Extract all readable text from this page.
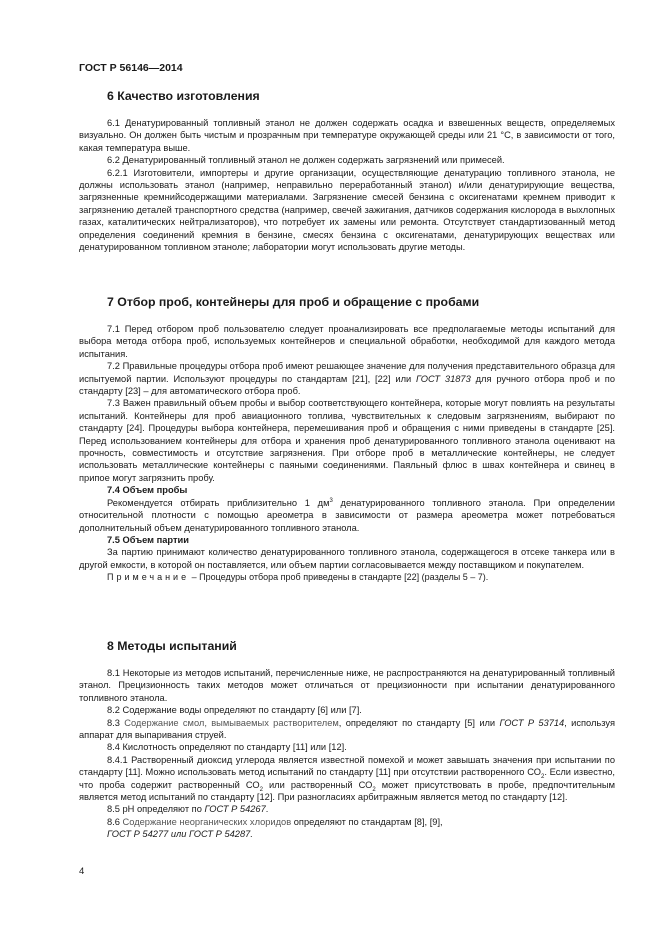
ГОСТ Р 56146—2014
6 Качество изготовления

6.1 Денатурированный топливный этанол не должен содержать осадка и взвешенных веществ, определяемых визуально. Он должен быть чистым и прозрачным при температуре окружающей среды или 21 °С, в зависимости от того, какая температура выше.

6.2 Денатурированный топливный этанол не должен содержать загрязнений или примесей.

6.2.1 Изготовители, импортеры и другие организации, осуществляющие денатурацию топливного этанола, не должны использовать этанол (например, неправильно переработанный этанол) и/или денатурирующие вещества, загрязненные кремнийсодержащими материалами. Загрязнение смесей бензина с оксигенатами кремнем приводит к загрязнению деталей транспортного средства (например, свечей зажигания, датчиков содержания кислорода в выхлопных газах, каталитических нейтрализаторов), что потребует их замены или ремонта. Отсутствует стандартизованный метод определения соединений кремния в бензине, смесях бензина с оксигенатами, денатурирующих веществах или денатурированном топливном этаноле; лаборатории могут использовать другие методы.

7 Отбор проб, контейнеры для проб и обращение с пробами

7.1 Перед отбором проб пользователю следует проанализировать все предполагаемые методы испытаний для выбора метода отбора проб, используемых контейнеров и специальной обработки, необходимой для каждого метода испытания.

7.2 Правильные процедуры отбора проб имеют решающее значение для получения представительного образца для испытуемой партии. Используют процедуры по стандартам [21], [22] или ГОСТ 31873 для ручного отбора проб и по стандарту [23] – для автоматического отбора проб.

7.3 Важен правильный объем пробы и выбор соответствующего контейнера, которые могут повлиять на результаты испытаний. Контейнеры для проб авиационного топлива, чувствительных к следовым загрязнениям, выбирают по стандарту [24]. Процедуры выбора контейнера, перемешивания проб и обращения с ними приведены в стандарте [25]. Перед использованием контейнеры для отбора и хранения проб денатурированного топливного этанола оценивают на прочность, совместимость и отсутствие загрязнения. При отборе проб в металлические контейнеры, не следует использовать металлические контейнеры с паяными соединениями. Паяльный флюс в швах контейнера и свинец в припое могут загрязнить пробу.

7.4 Объем пробы

Рекомендуется отбирать приблизительно 1 $дм^3$ денатурированного топливного этанола. При определении относительной плотности с помощью ареометра в зависимости от размера ареометра может потребоваться дополнительный объем денатурированного топливного этанола.

7.5 Объем партии

За партию принимают количество денатурированного топливного этанола, содержащегося в отсеке танкера или в другой емкости, в которой он поставляется, или объем партии согласовывается между поставщиком и покупателем.

Примечание – Процедуры отбора проб приведены в стандарте [22] (разделы 5 – 7).

8 Методы испытаний

8.1 Некоторые из методов испытаний, перечисленные ниже, не распространяются на денатурированный топливный этанол. Прецизионность таких методов может отличаться от прецизионности при испытании денатурированного топливного этанола.

8.2 Содержание воды определяют по стандарту [6] или [7].

8.3 Содержание смол, вымываемых растворителем, определяют по стандарту [5] или ГОСТ Р 53714, используя аппарат для выпаривания струей.

8.4 Кислотность определяют по стандарту [11] или [12].

8.4.1 Растворенный диоксид углерода является известной помехой и может завышать значения при испытании по стандарту [11]. Можно использовать метод испытаний по стандарту [11] при отсутствии растворенного $СО_2$. Если известно, что проба содержит растворенный $СО_2$ или растворенный $СО_2$ может присутствовать в пробе, предпочтительным является метод испытаний по стандарту [12]. При разногласиях арбитражным является метод по стандарту [12].

8.5 pH определяют по ГОСТ Р 54267.

8.6 Содержание неорганических хлоридов определяют по стандартам [8], [9],

ГОСТ Р 54277 или ГОСТ Р 54287.

4
